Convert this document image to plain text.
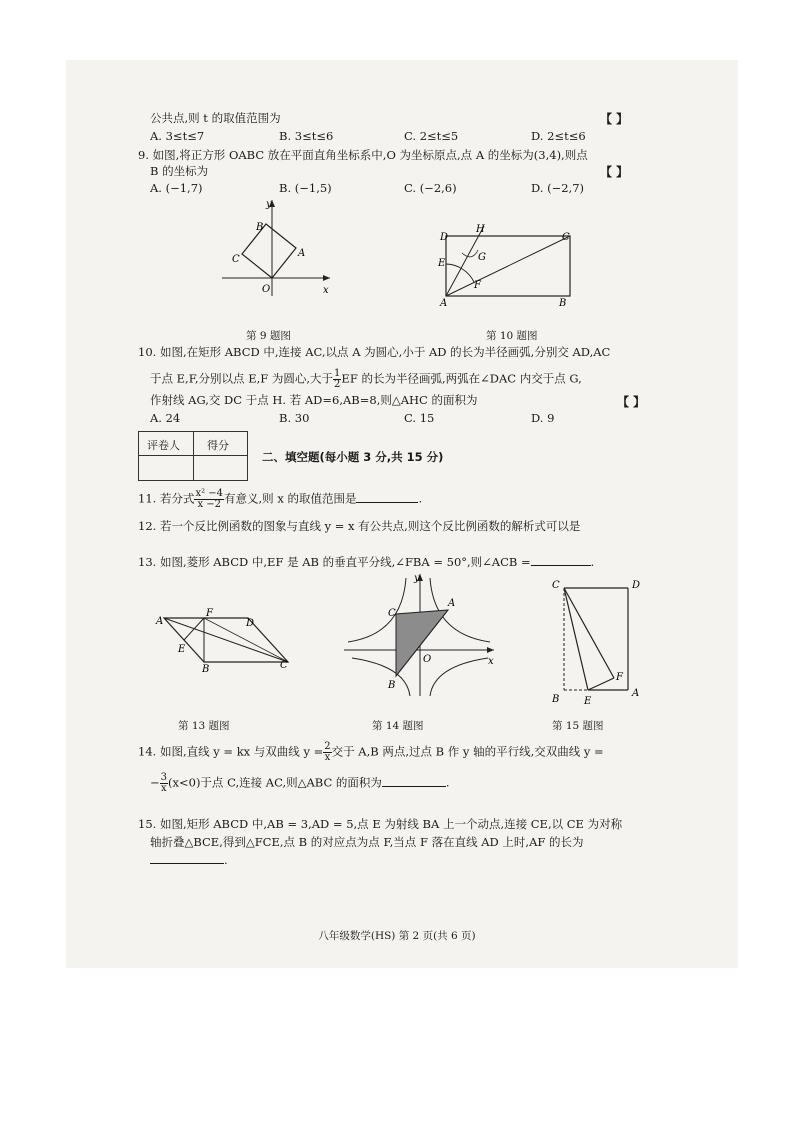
公共点,则 t 的取值范围为	【 】
A. 3≤t≤7	B. 3≤t≤6	C. 2≤t≤5	D. 2≤t≤6
9. 如图,将正方形 OABC 放在平面直角坐标系中,O 为坐标原点,点 A 的坐标为(3,4),则点
B 的坐标为	【 】
A. (−1,7)	B. (−1,5)	C. (−2,6)	D. (−2,7)
y
x
O
A
B
C
第 9 题图
D	C
A	B
E
F
G
H
第 10 题图
10. 如图,在矩形 ABCD 中,连接 AC,以点 A 为圆心,小于 AD 的长为半径画弧,分别交 AD,AC
于点 E,F,分别以点 E,F 为圆心,大于 $\frac{1}{2}$ EF 的长为半径画弧,两弧在∠DAC 内交于点 G,
作射线 AG,交 DC 于点 H. 若 AD=6,AB=8,则△AHC 的面积为	【 】
A. 24	B. 30	C. 15	D. 9
评卷人 得分
二、填空题(每小题 3 分,共 15 分)
11. 若分式 $\frac{\text{x² −4}}{x -2}$ 有意义,则 x 的取值范围是	.
12. 若一个反比例函数的图象与直线 y = x 有公共点,则这个反比例函数的解析式可以是
13. 如图,菱形 ABCD 中,EF 是 AB 的垂直平分线,∠FBA = 50°,则∠ACB =	.
A
F
D
E
B	C
第 13 题图
y
x
O
A
C
B
第 14 题图
C	D
B E
F
A
第 15 题图
14. 如图,直线 y = kx 与双曲线 $y = \frac{2}{x}$ 交于 A,B 两点,过点 B 作 y 轴的平行线,交双曲线 y =
− $\frac{3}{x} (x<0)$于点 C,连接 AC,则△ABC 的面积为	.
15. 如图,矩形 ABCD 中,AB = 3,AD = 5,点 E 为射线 BA 上一个动点,连接 CE,以 CE 为对称
轴折叠△BCE,得到△FCE,点 B 的对应点为点 F,当点 F 落在直线 AD 上时,AF 的长为
.
八年级数学(HS) 第 2 页(共 6 页)
